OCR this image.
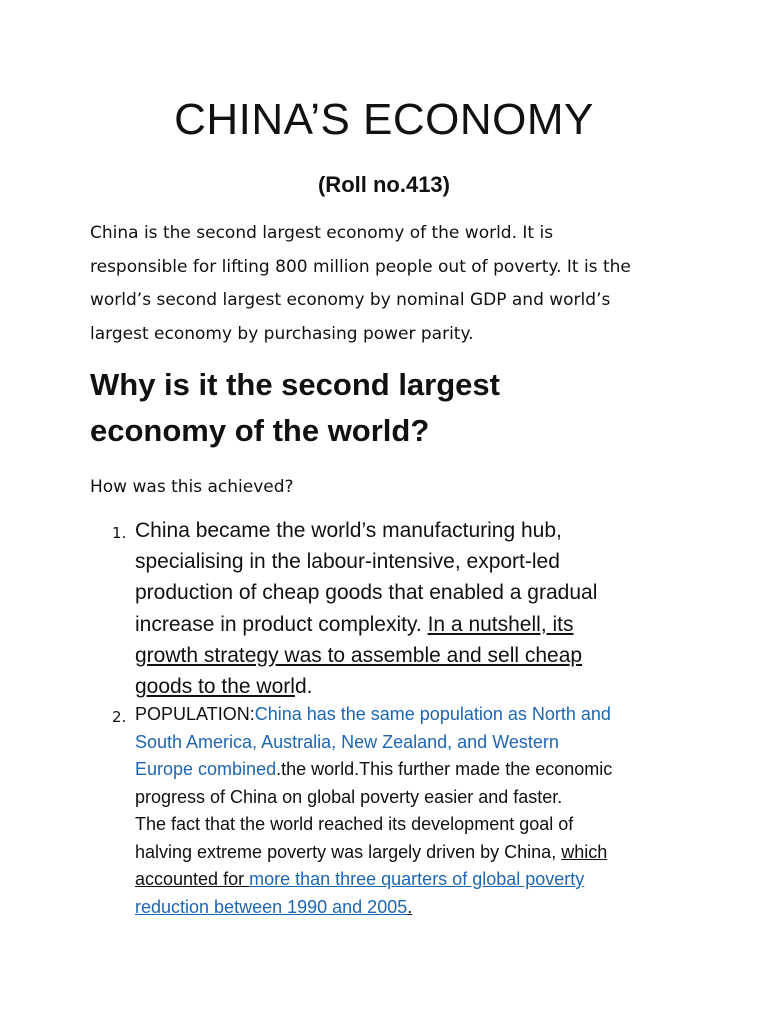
CHINA’S ECONOMY

(Roll no.413)

China is the second largest economy of the world. It is
responsible for lifting 800 million people out of poverty. It is the
world’s second largest economy by nominal GDP and world’s
largest economy by purchasing power parity.

Why is it the second largest
economy of the world?

How was this achieved?

1. China became the world’s manufacturing hub,
specialising in the labour-intensive, export-led
production of cheap goods that enabled a gradual
increase in product complexity. In a nutshell, its
growth strategy was to assemble and sell cheap
goods to the world.
2. POPULATION:China has the same population as North and
South America, Australia, New Zealand, and Western
Europe combined.the world.This further made the economic
progress of China on global poverty easier and faster.
The fact that the world reached its development goal of
halving extreme poverty was largely driven by China, which
accounted for more than three quarters of global poverty
reduction between 1990 and 2005.
